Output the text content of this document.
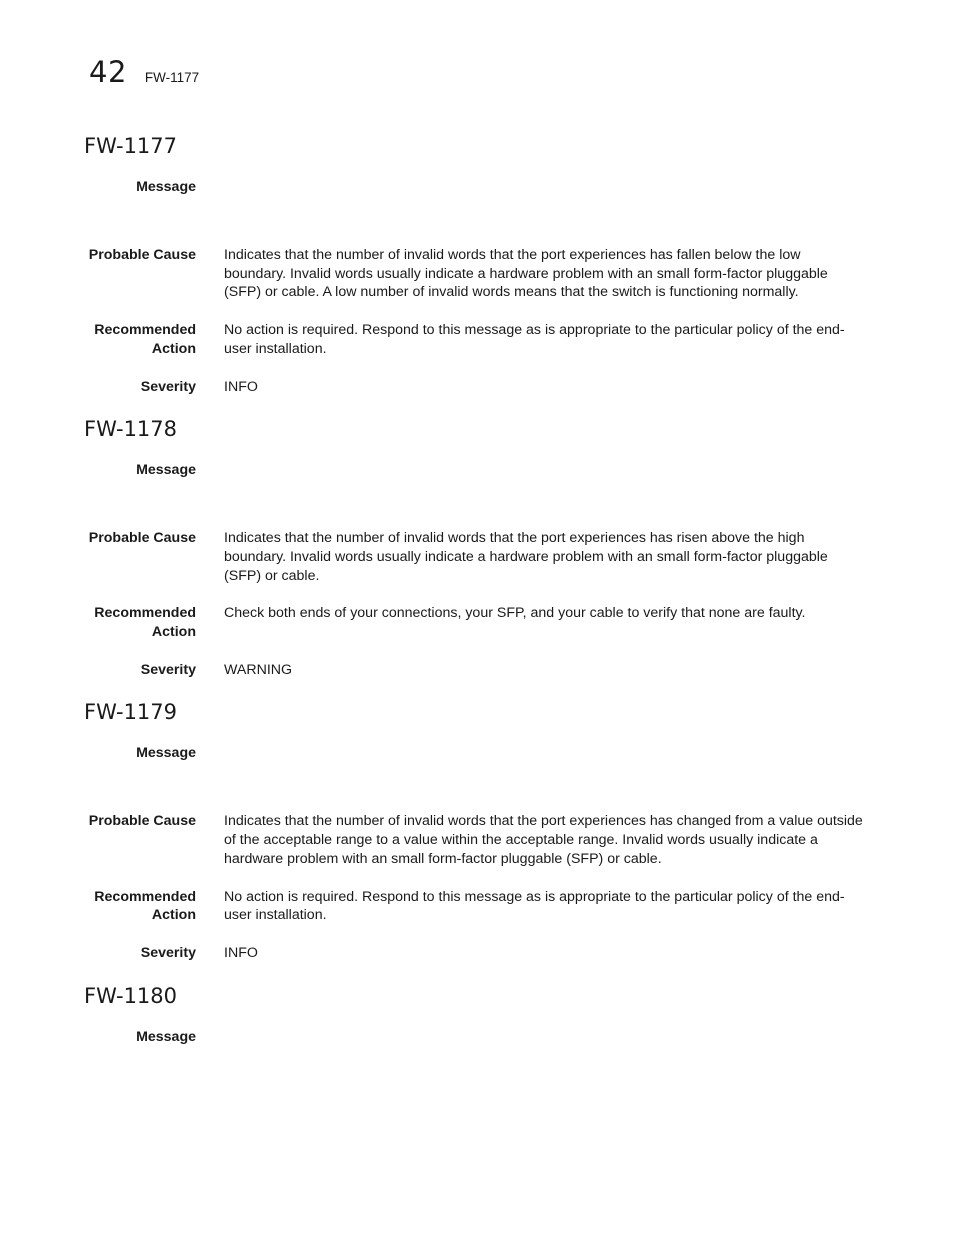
42 FW-1177
FW-1177
Message
Probable Cause Indicates that the number of invalid words that the port experiences has fallen below the low boundary. Invalid words usually indicate a hardware problem with an small form-factor pluggable (SFP) or cable. A low number of invalid words means that the switch is functioning normally.
Recommended
Action
No action is required. Respond to this message as is appropriate to the particular policy of the end-user installation.
Severity INFO
FW-1178
Message
Probable Cause Indicates that the number of invalid words that the port experiences has risen above the high boundary. Invalid words usually indicate a hardware problem with an small form-factor pluggable (SFP) or cable.
Recommended
Action
Check both ends of your connections, your SFP, and your cable to verify that none are faulty.
Severity WARNING
FW-1179
Message
Probable Cause Indicates that the number of invalid words that the port experiences has changed from a value outside of the acceptable range to a value within the acceptable range. Invalid words usually indicate a hardware problem with an small form-factor pluggable (SFP) or cable.
Recommended
Action
No action is required. Respond to this message as is appropriate to the particular policy of the end-user installation.
Severity INFO
FW-1180
Message
